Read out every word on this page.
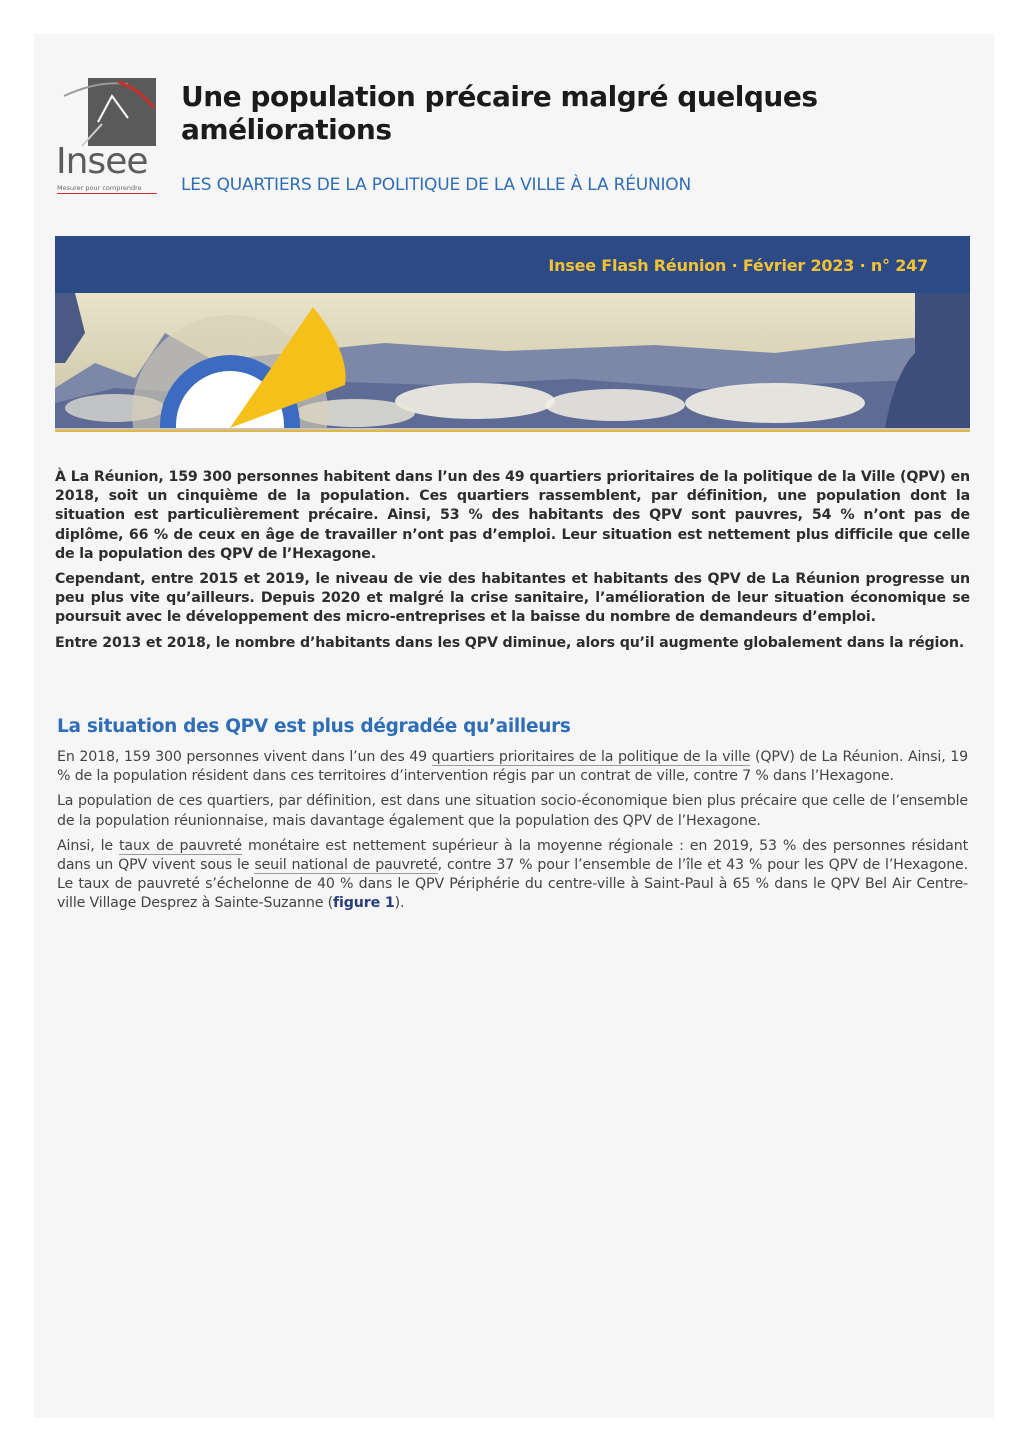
Insee
Mesurer pour comprendre
Une population précaire malgré quelques améliorations
LES QUARTIERS DE LA POLITIQUE DE LA VILLE À LA RÉUNION
Insee Flash Réunion · Février 2023 · n° 247

À La Réunion, 159 300 personnes habitent dans l’un des 49 quartiers prioritaires de la politique de la Ville (QPV) en 2018, soit un cinquième de la population. Ces quartiers rassemblent, par définition, une population dont la situation est particulièrement précaire. Ainsi, 53 % des habitants des QPV sont pauvres, 54 % n’ont pas de diplôme, 66 % de ceux en âge de travailler n’ont pas d’emploi. Leur situation est nettement plus difficile que celle de la population des QPV de l’Hexagone.

Cependant, entre 2015 et 2019, le niveau de vie des habitantes et habitants des QPV de La Réunion progresse un peu plus vite qu’ailleurs. Depuis 2020 et malgré la crise sanitaire, l’amélioration de leur situation économique se poursuit avec le développement des micro-entreprises et la baisse du nombre de demandeurs d’emploi.

Entre 2013 et 2018, le nombre d’habitants dans les QPV diminue, alors qu’il augmente globalement dans la région.

La situation des QPV est plus dégradée qu’ailleurs

En 2018, 159 300 personnes vivent dans l’un des 49 quartiers prioritaires de la politique de la ville (QPV) de La Réunion. Ainsi, 19 % de la population résident dans ces territoires d’intervention régis par un contrat de ville, contre 7 % dans l’Hexagone.

La population de ces quartiers, par définition, est dans une situation socio-économique bien plus précaire que celle de l’ensemble de la population réunionnaise, mais davantage également que la population des QPV de l’Hexagone.

Ainsi, le taux de pauvreté monétaire est nettement supérieur à la moyenne régionale : en 2019, 53 % des personnes résidant dans un QPV vivent sous le seuil national de pauvreté, contre 37 % pour l’ensemble de l’île et 43 % pour les QPV de l’Hexagone. Le taux de pauvreté s’échelonne de 40 % dans le QPV Périphérie du centre-ville à Saint-Paul à 65 % dans le QPV Bel Air Centre-ville Village Desprez à Sainte-Suzanne (figure 1).
